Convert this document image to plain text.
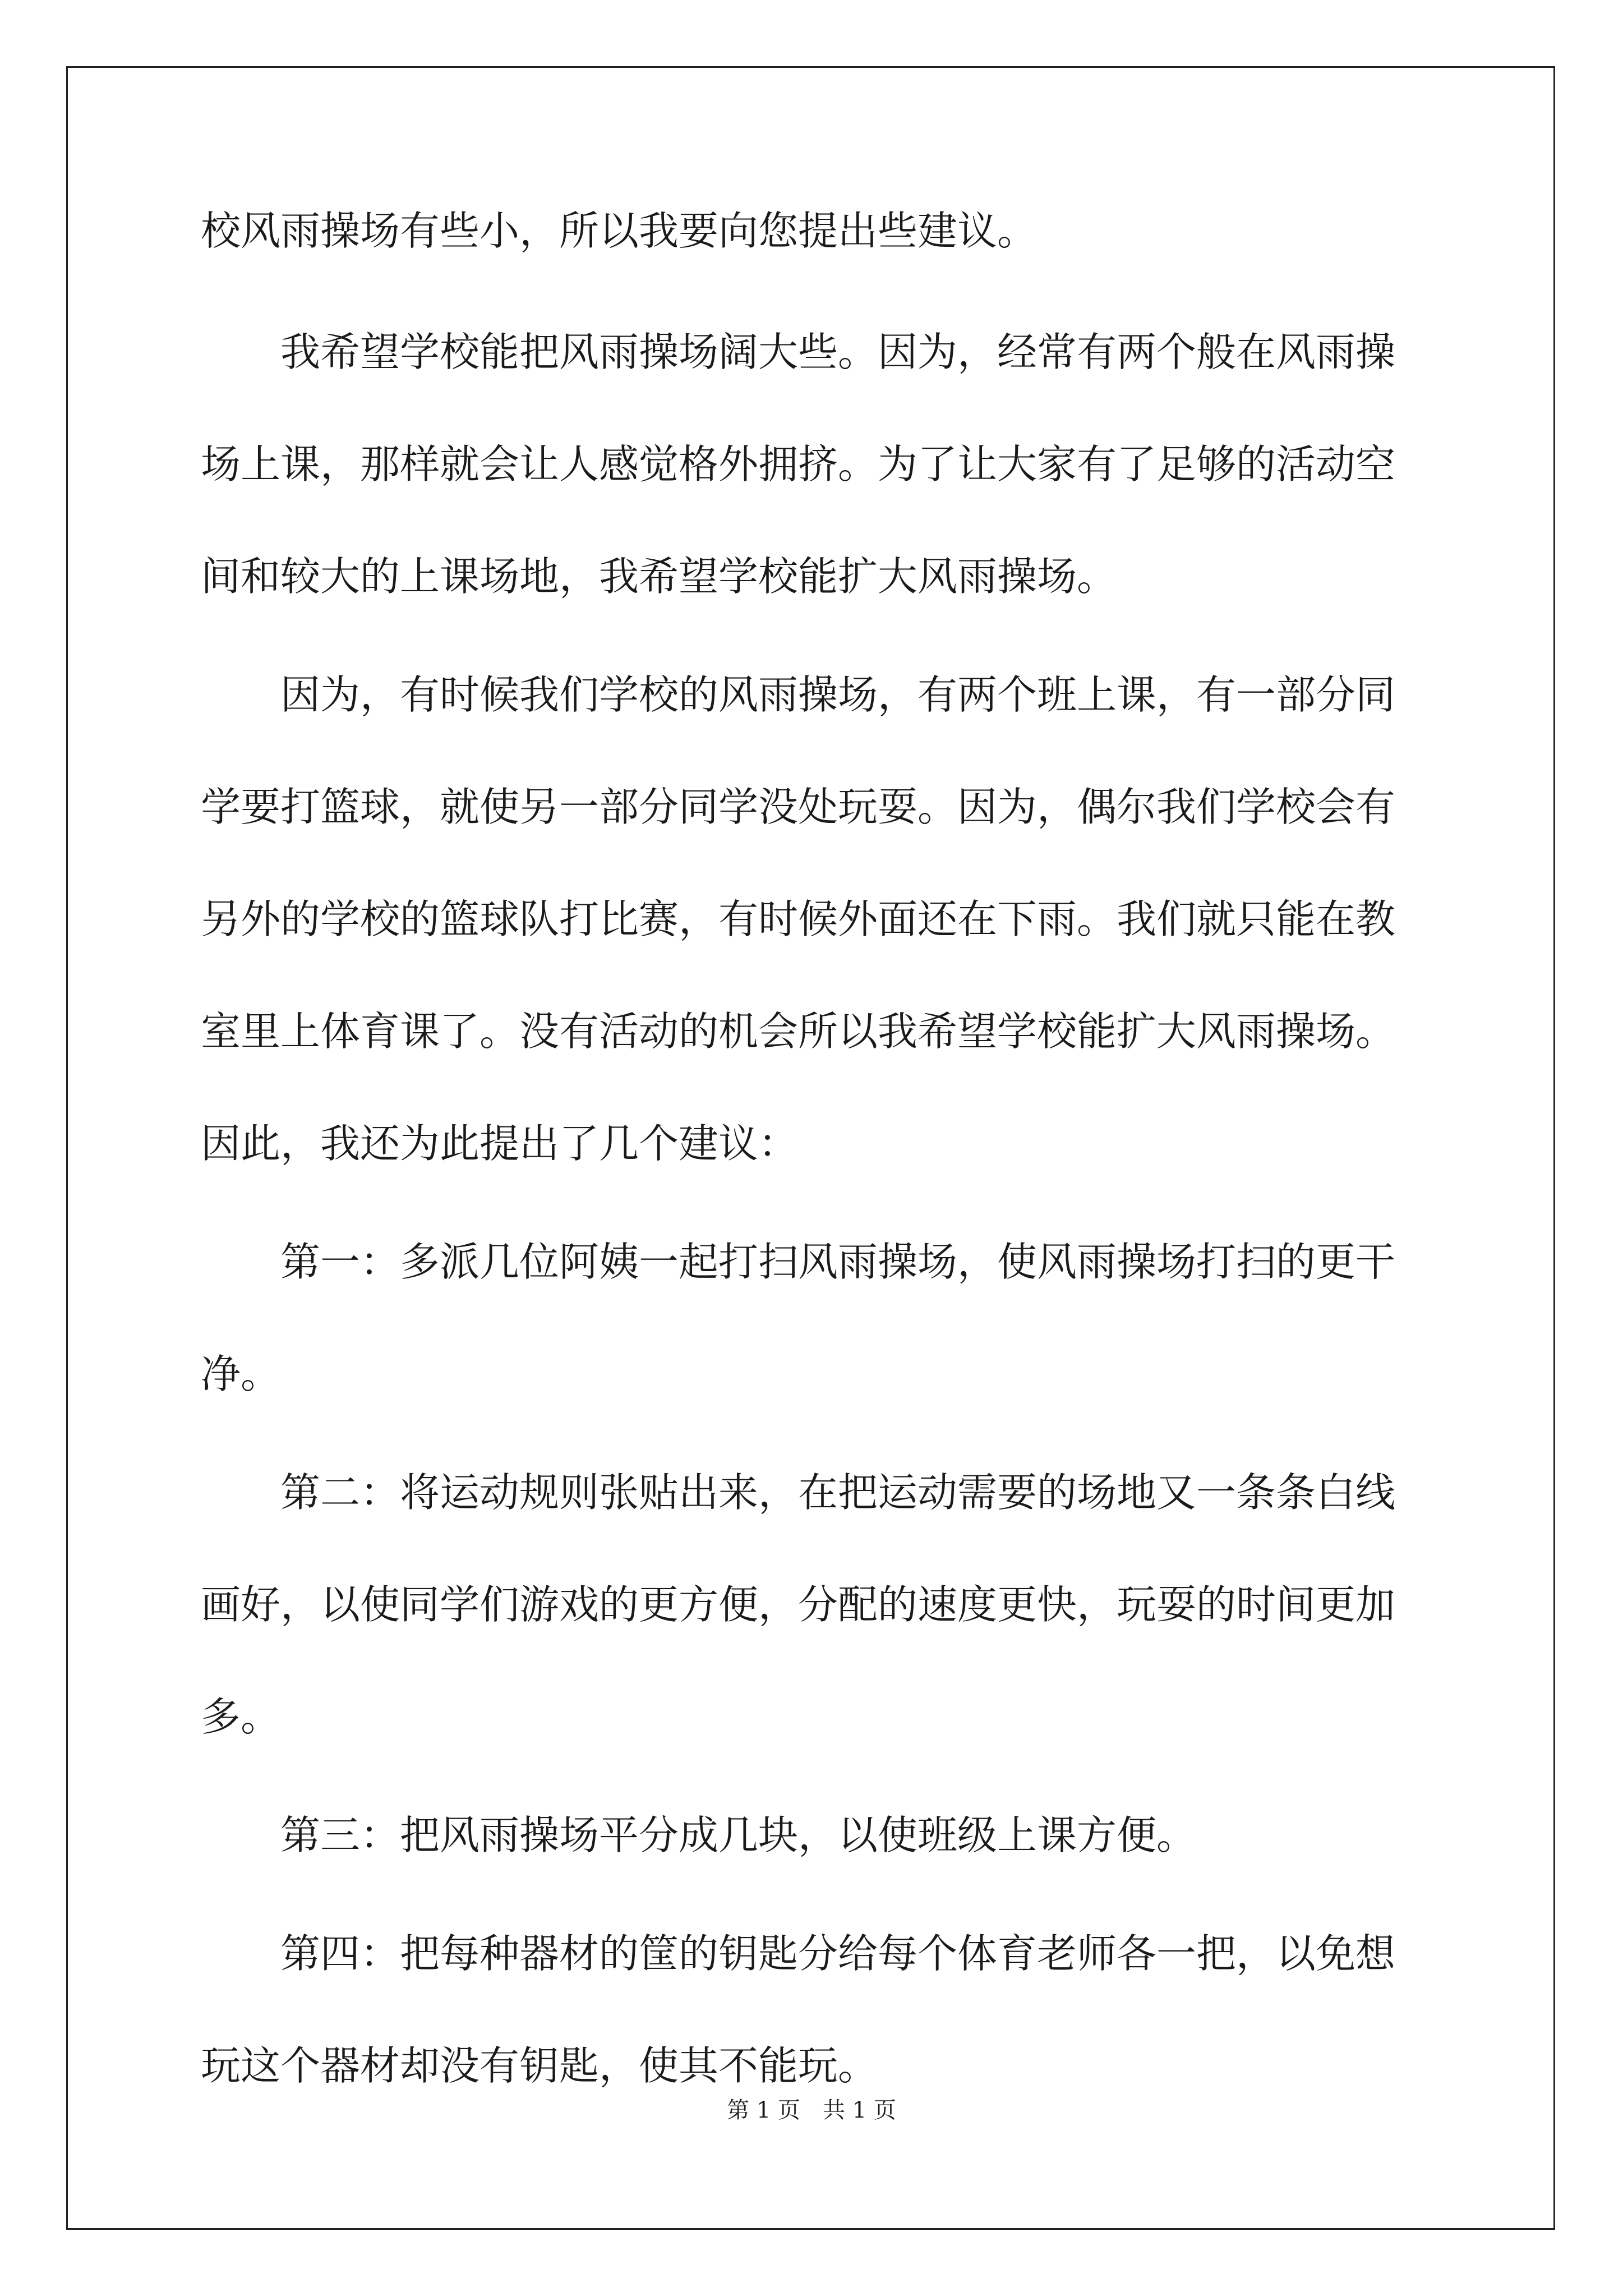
校风雨操场有些小，所以我要向您提出些建议。
　　我希望学校能把风雨操场阔大些。因为，经常有两个般在风雨操
场上课，那样就会让人感觉格外拥挤。为了让大家有了足够的活动空
间和较大的上课场地，我希望学校能扩大风雨操场。
　　因为，有时候我们学校的风雨操场，有两个班上课，有一部分同
学要打篮球，就使另一部分同学没处玩耍。因为，偶尔我们学校会有
另外的学校的篮球队打比赛，有时候外面还在下雨。我们就只能在教
室里上体育课了。没有活动的机会所以我希望学校能扩大风雨操场。
因此，我还为此提出了几个建议：
　　第一：多派几位阿姨一起打扫风雨操场，使风雨操场打扫的更干
净。
　　第二：将运动规则张贴出来，在把运动需要的场地又一条条白线
画好，以使同学们游戏的更方便，分配的速度更快，玩耍的时间更加
多。
　　第三：把风雨操场平分成几块，以使班级上课方便。
　　第四：把每种器材的筐的钥匙分给每个体育老师各一把，以免想
玩这个器材却没有钥匙，使其不能玩。
第 1 页　共 1 页
